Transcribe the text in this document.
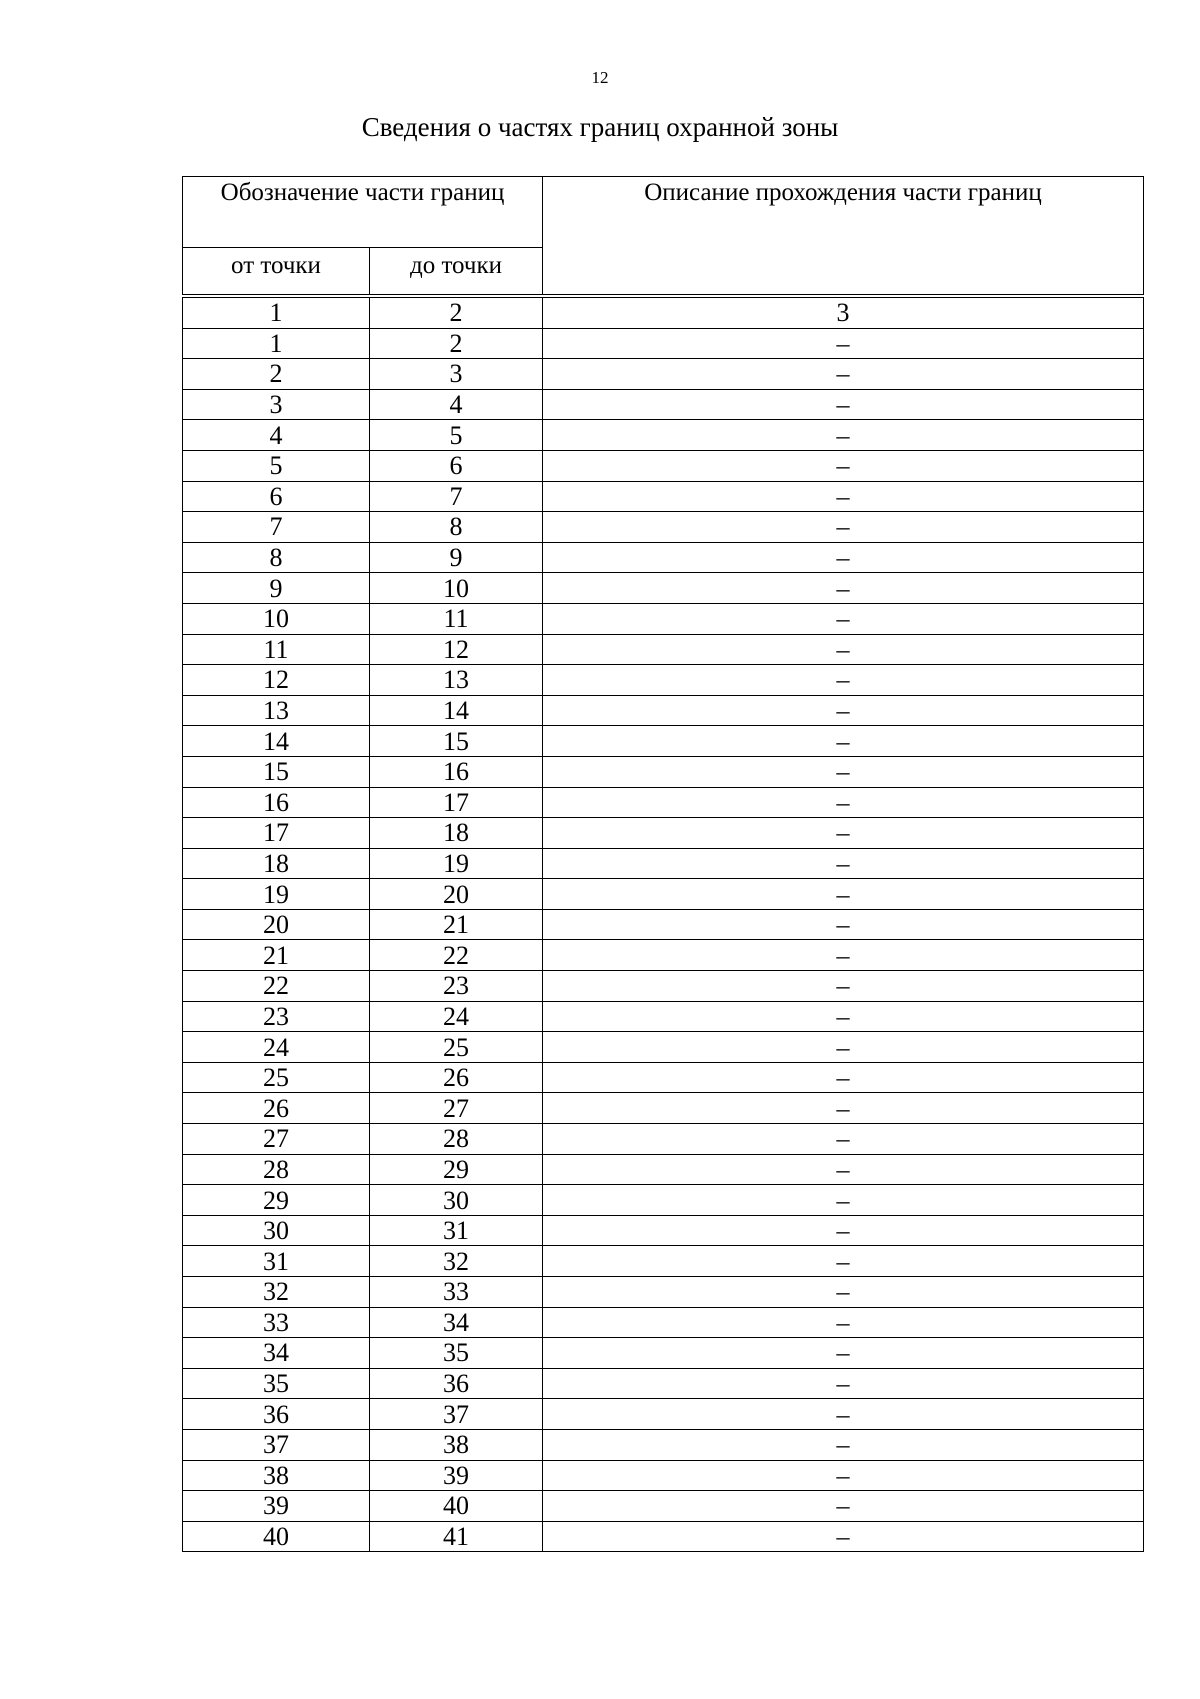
12
Сведения о частях границ охранной зоны
Обозначение части границ		Описание прохождения части границ

от точки	до точки	
1	2	3
1	2	–
2	3	–
3	4	–
4	5	–
5	6	–
6	7	–
7	8	–
8	9	–
9	10	–
10	11	–
11	12	–
12	13	–
13	14	–
14	15	–
15	16	–
16	17	–
17	18	–
18	19	–
19	20	–
20	21	–
21	22	–
22	23	–
23	24	–
24	25	–
25	26	–
26	27	–
27	28	–
28	29	–
29	30	–
30	31	–
31	32	–
32	33	–
33	34	–
34	35	–
35	36	–
36	37	–
37	38	–
38	39	–
39	40	–
40	41	–
